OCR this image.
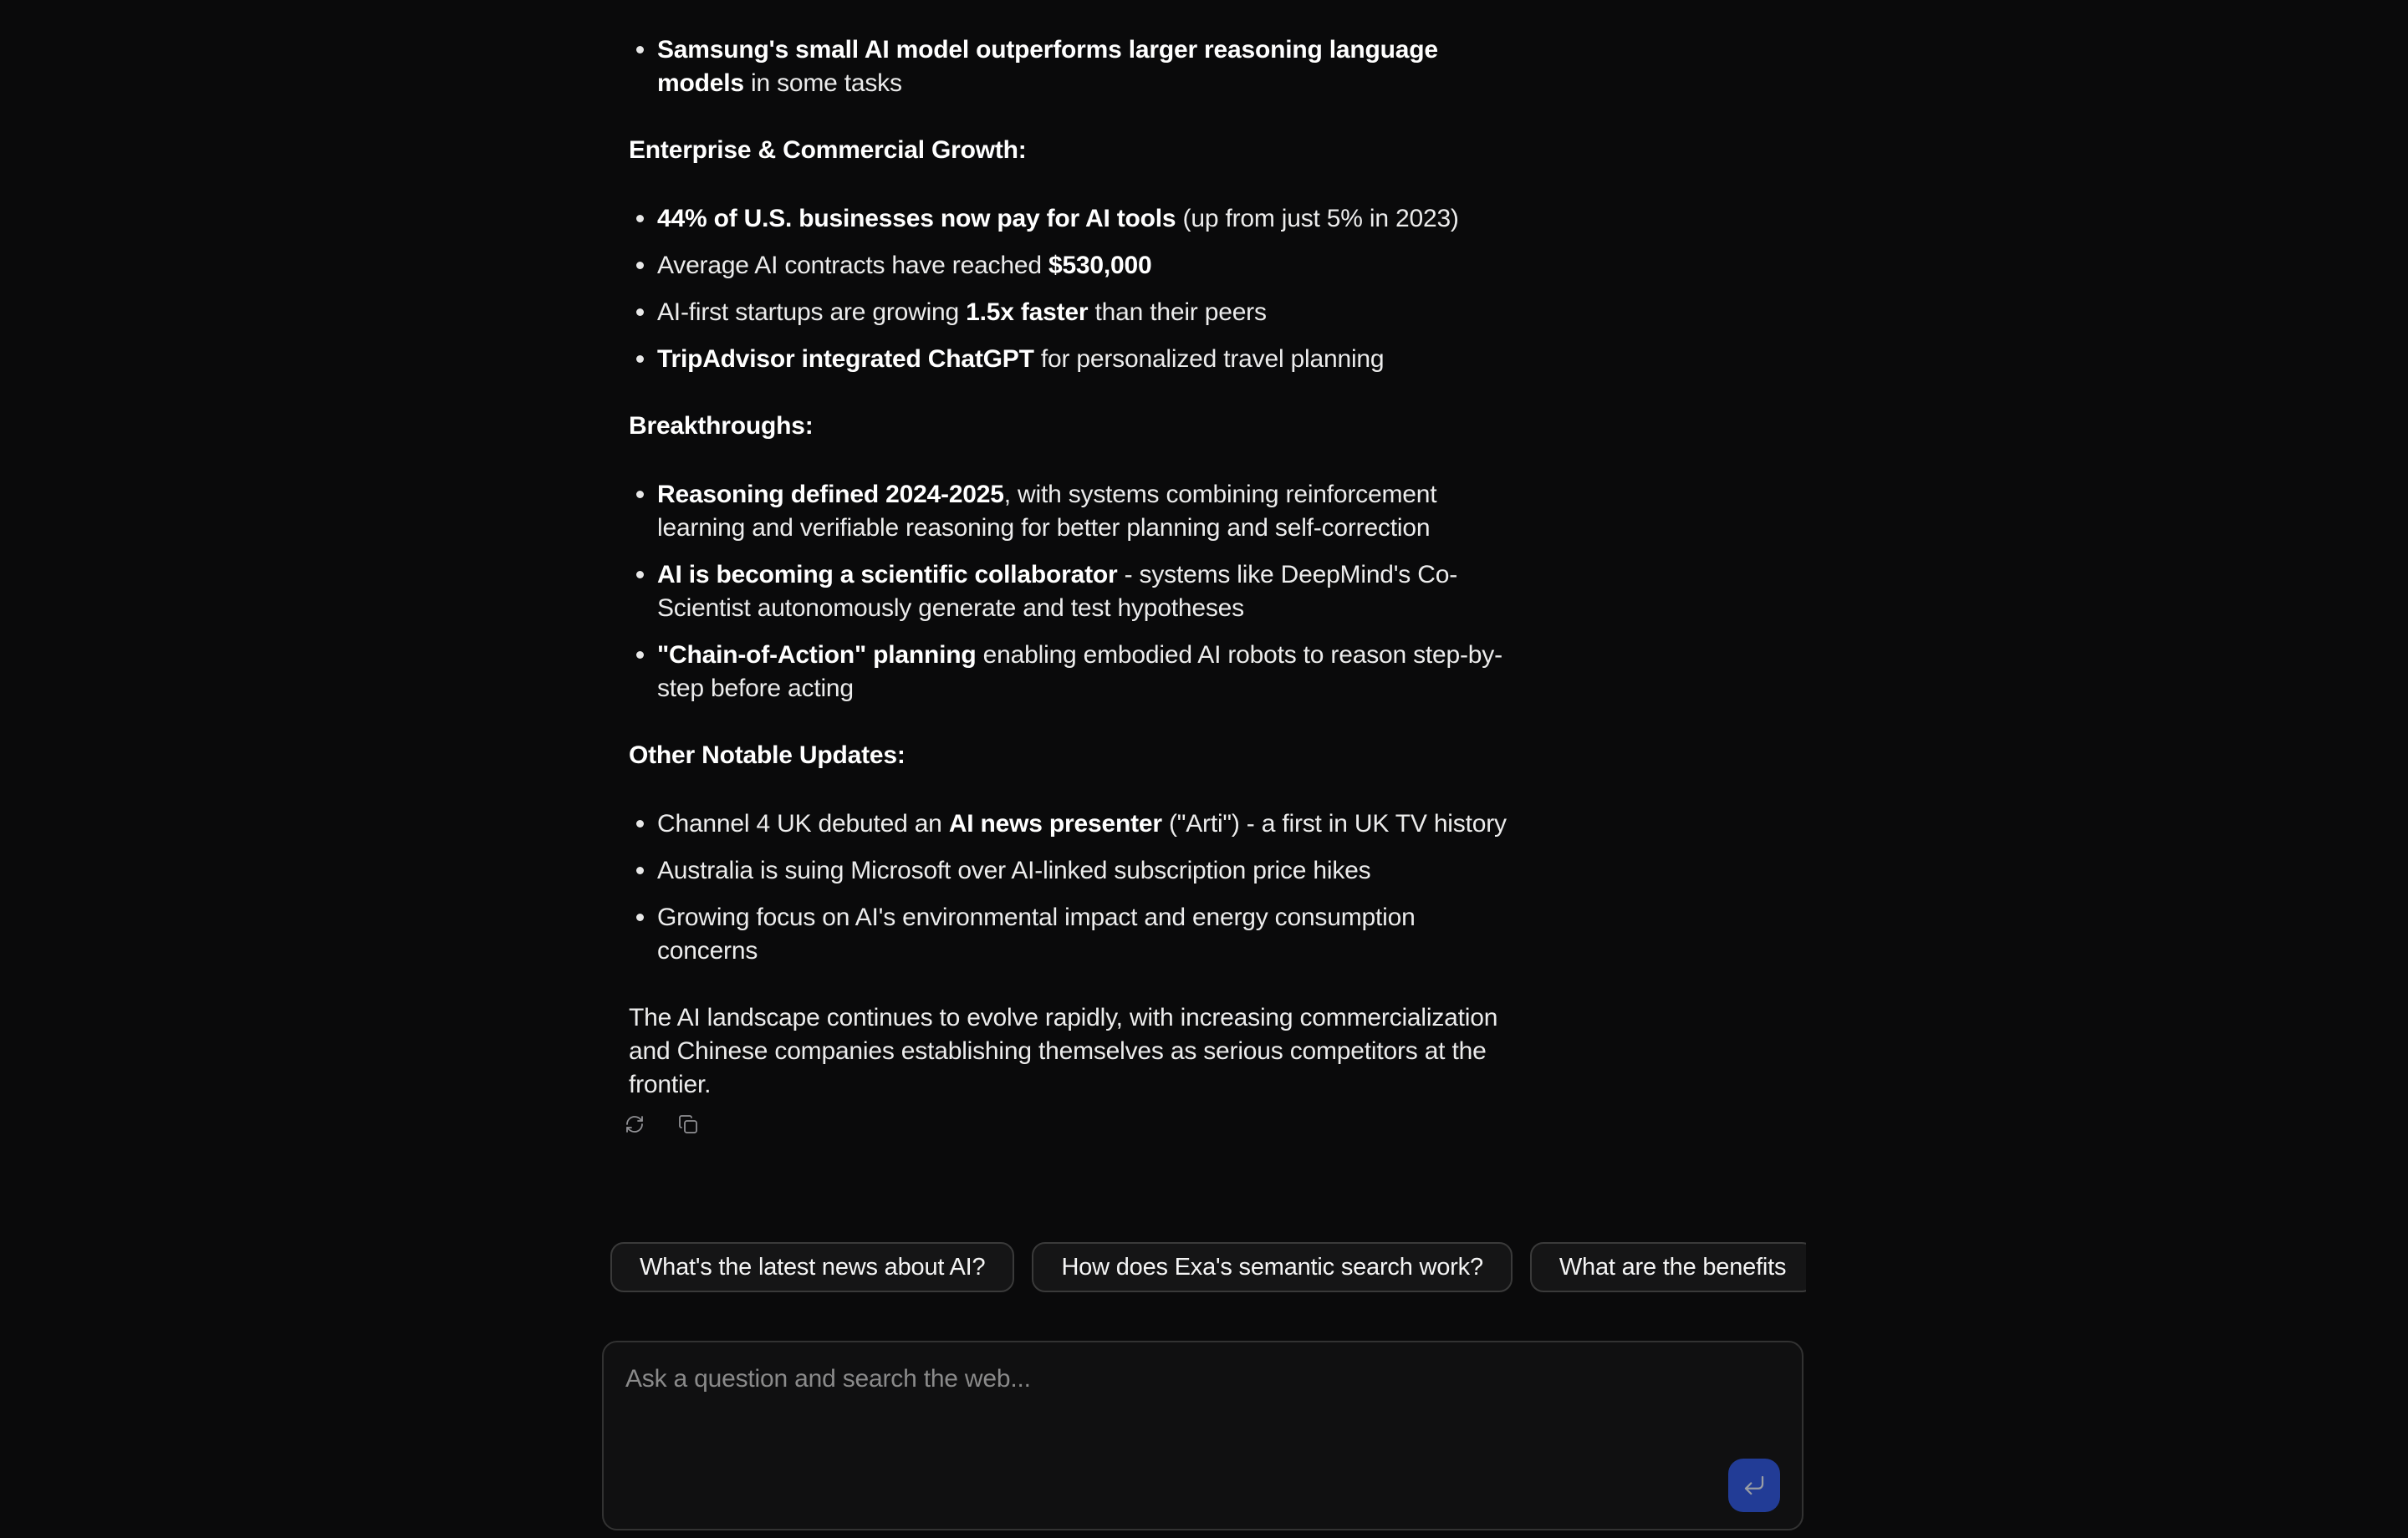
Samsung's small AI model outperforms larger reasoning language models in some tasks
Enterprise & Commercial Growth:
44% of U.S. businesses now pay for AI tools (up from just 5% in 2023)
Average AI contracts have reached $530,000
AI-first startups are growing 1.5x faster than their peers
TripAdvisor integrated ChatGPT for personalized travel planning
Breakthroughs:
Reasoning defined 2024-2025, with systems combining reinforcement learning and verifiable reasoning for better planning and self-correction
AI is becoming a scientific collaborator - systems like DeepMind's Co-Scientist autonomously generate and test hypotheses
"Chain-of-Action" planning enabling embodied AI robots to reason step-by-step before acting
Other Notable Updates:
Channel 4 UK debuted an AI news presenter ("Arti") - a first in UK TV history
Australia is suing Microsoft over AI-linked subscription price hikes
Growing focus on AI's environmental impact and energy consumption concerns

The AI landscape continues to evolve rapidly, with increasing commercialization and Chinese companies establishing themselves as serious competitors at the frontier.

What's the latest news about AI?	How does Exa's semantic search work?	What are the benefits
Ask a question and search the web...
